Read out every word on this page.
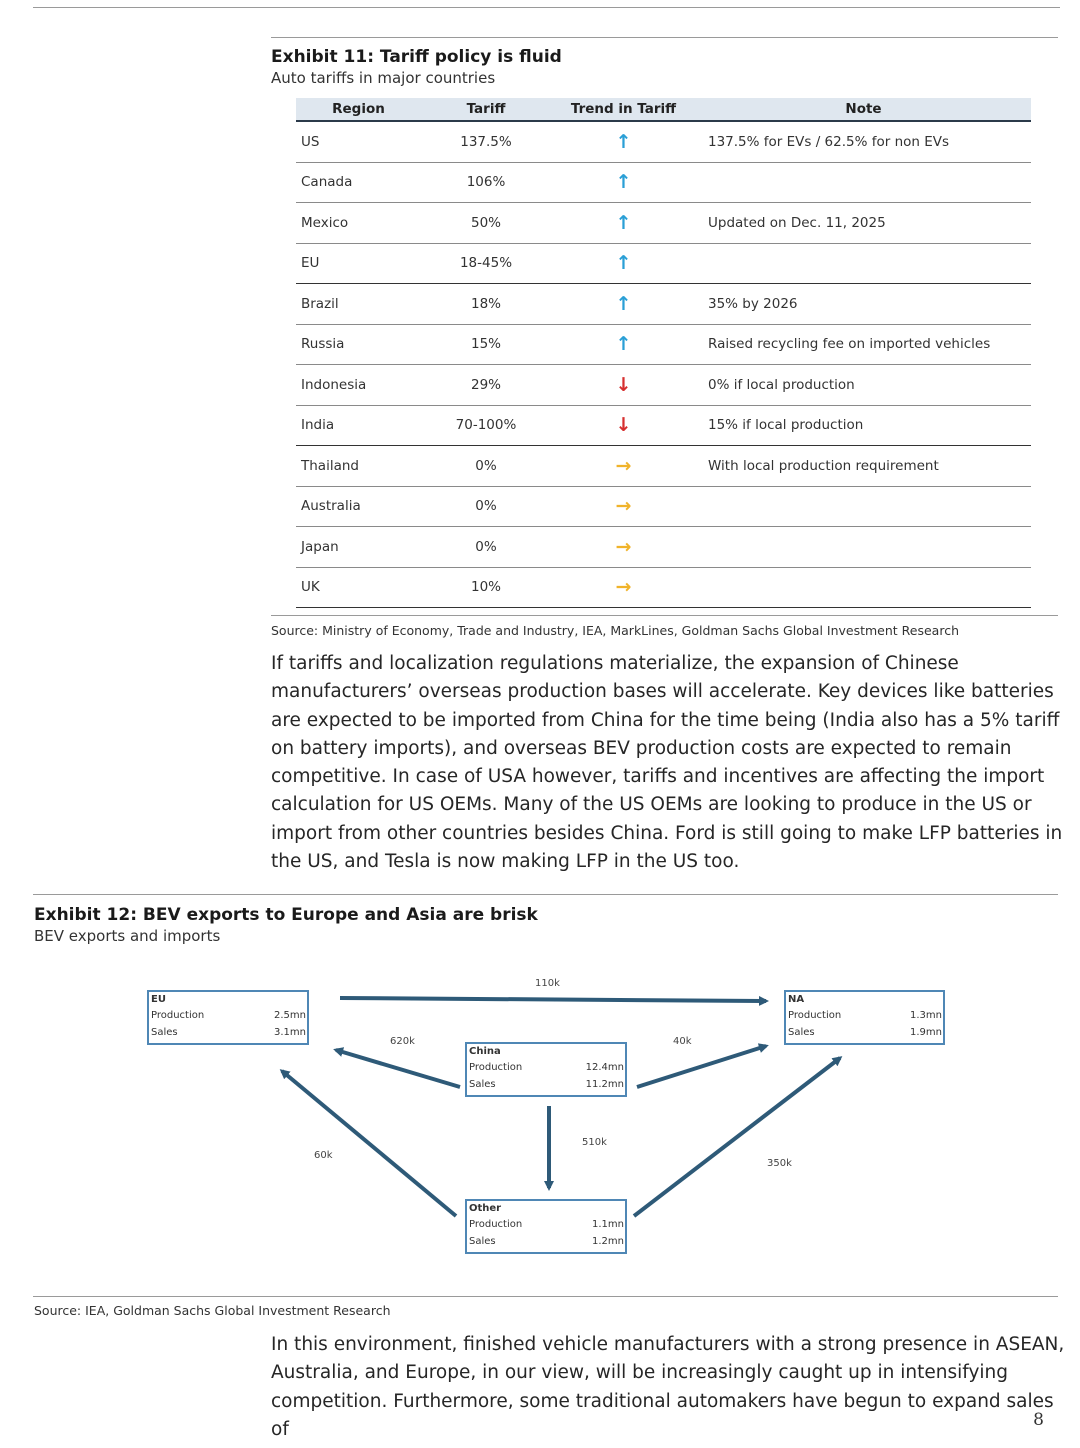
Exhibit 11: Tariff policy is fluid
Auto tariffs in major countries
Region	Tariff	Trend in Tariff	Note
US	137.5%	↑	137.5% for EVs / 62.5% for non EVs
Canada	106%	↑	
Mexico	50%	↑	Updated on Dec. 11, 2025
EU	18-45%	↑	
Brazil	18%	↑	35% by 2026
Russia	15%	↑	Raised recycling fee on imported vehicles
Indonesia	29%	↓	0% if local production
India	70-100%	↓	15% if local production
Thailand	0%	→	With local production requirement
Australia	0%	→	
Japan	0%	→	
UK	10%	→	
Source: Ministry of Economy, Trade and Industry, IEA, MarkLines, Goldman Sachs Global Investment Research
If tariffs and localization regulations materialize, the expansion of Chinese manufacturers’ overseas production bases will accelerate. Key devices like batteries are expected to be imported from China for the time being (India also has a 5% tariff on battery imports), and overseas BEV production costs are expected to remain competitive. In case of USA however, tariffs and incentives are affecting the import calculation for US OEMs. Many of the US OEMs are looking to produce in the US or import from other countries besides China. Ford is still going to make LFP batteries in the US, and Tesla is now making LFP in the US too.
Exhibit 12: BEV exports to Europe and Asia are brisk
BEV exports and imports
EU
Production	2.5mn
Sales	3.1mn
NA
Production	1.3mn
Sales	1.9mn
China
Production	12.4mn
Sales	11.2mn
Other
Production	1.1mn
Sales	1.2mn
110k
620k	40k
510k
60k
350k
Source: IEA, Goldman Sachs Global Investment Research
In this environment, finished vehicle manufacturers with a strong presence in ASEAN, Australia, and Europe, in our view, will be increasingly caught up in intensifying competition. Furthermore, some traditional automakers have begun to expand sales of	8
